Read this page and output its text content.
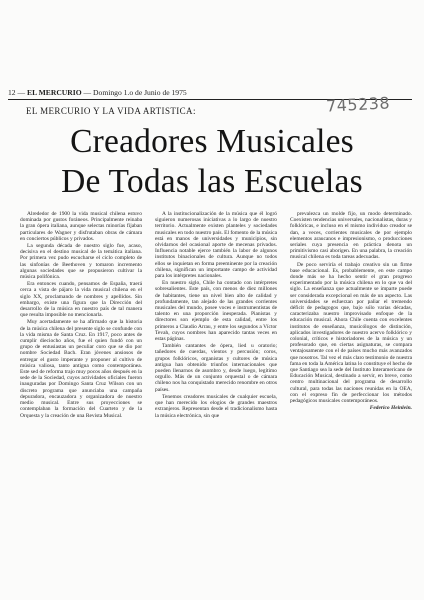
12 — EL MERCURIO — Domingo 1.o de Junio de 1975
745238
EL MERCURIO Y LA VIDA ARTISTICA:
Creadores Musicales
De Todas las Escuelas

Alrededor de 1900 la vida musical chilena estuvo dominada por gustos foráneos. Principalmente reinaba la gran ópera italiana, aunque selectas minorías fijaban particulares de Wagner y disfrutaban obras de cámara en conciertos públicos y privados.

La segunda década de nuestro siglo fue, acaso, decisiva en el destino musical de la temática italiana. Por primera vez pudo escucharse el ciclo completo de las sinfonías de Beethoven y tomaron incremento algunas sociedades que se propusieron cultivar la música polifónica.

Era entonces cuando, pensamos de España, traerá cerca a vista de pájaro la vida musical chilena en el siglo XX, proclamando de nombres y apellidos. Sin embargo, existe una figura que la Dirección del desarrollo de la música en nuestro país de tal manera que resulta imposible no mencionarla.

Muy acertadamente se ha afirmado que la historia de la música chilena del presente siglo se confunde con la vida misma de Santa Cruz. En 1917, poco antes de cumplir dieciocho años, fue el quien fundó con un grupo de entusiastas un peculiar coro que se dio por nombre Sociedad Bach. Eran jóvenes ansiosos de entregar el gusto imperante y proponer al cultivo de música valiosa, tanto antigua como contemporánea. Este sed de reforma trajo muy pocos años después en la sede de la Sociedad, cuyos actividades oficiales fueron inauguradas por Domingo Santa Cruz Wilson con un discreto programa que anunciaba una campaña depuradora, encauzadora y organizadora de nuestro medio musical. Entre sus proyecciones se contemplaban la formación del Cuarteto y de la Orquesta y la creación de una Revista Musical.

A la institucionalización de la música que él logró siguieron numerosas iniciativas a lo largo de nuestro territorio. Actualmente existen planteles y sociedades musicales en todo nuestro país. El fomento de la música está en manos de universidades y municipios, sin olvidarnos del ocasional aporte de mecenas privados. Influencia notable ejerce también la labor de algunos institutos binacionales de cultura. Aunque no todos ellos se inquietan en forma preeminente por la creación chilena, significan un importante campo de actividad para los intérpretes nacionales.

En nuestro siglo, Chile ha contado con intérpretes sobresalientes. Este país, con menos de diez millones de habitantes, tiene un nivel bien alto de calidad y profundamente, tan alejado de las grandes corrientes musicales del mundo, posee voces e instrumentistas de talento en una proporción inesperada. Pianistas y directores son ejemplo de esta calidad, entre los primeros a Claudio Arrau, y entre los segundos a Víctor Tevah, cuyos nombres han aparecido tantas veces en estas páginas.

También cantantes de ópera, lied u oratorio; tañedores de cuerdas, vientos y percusión; coros, grupos folklóricos, organistas y cultores de música antigua han obtenido triunfos internacionales que pueden llenarnos de asombro y, desde luego, legítimo orgullo. Más de un conjunto orquestal o de cámara chileno nos ha conquistado merecido renombre en otros países.

Tenemos creadores musicales de cualquier escuela, que han merecido los elogios de grandes maestros extranjeros. Representan desde el tradicionalismo hasta la música electrónica, sin que

prevalezca un molde fijo, un modo determinado. Coexisten tendencias universales, nacionalistas, duras y folklóricas, e incluso en el mismo individuo creador se dan, a veces, corrientes musicales de por ejemplo elementos araucanos e impresionismo, o producciones seriales cuya presencia en práctica denota un primitivismo casi aborigen. En una palabra, la creación musical chilena es toda tareas adecuadas.

De poco serviría el trabajo creativo sin un firme base educacional. Es, probablemente, en este campo donde más se ha hecho sentir el gran progreso experimentado por la música chilena en lo que va del siglo. La enseñanza que actualmente se imparte puede ser considerada excepcional en más de un aspecto. Las universidades se esfuerzan por paliar el tremendo déficit de pedagogos que, bajo sólo varias décadas, caracterizaba nuestro improvisado enfoque de la educación musical. Ahora Chile cuenta con excelentes institutos de enseñanza, musicólogos de distinción, aplicados investigadores de nuestro acervo folklórico y colonial, críticos e historiadores de la música y un profesorado que, en ciertas asignaturas, se compara ventajosamente con el de países mucho más avanzados que nosotros. Tal vez el más claro testimonio de nuestra fama en toda la América latina lo constituye el hecho de que Santiago sea la sede del Instituto Interamericano de Educación Musical, destinado a servir, en breve, como centro multinacional del programa de desarrollo cultural, para todas las naciones reunidas en la OEA, con el expreso fin de perfeccionar los métodos pedagógicos musicales contemporáneos.

Federico Heinlein.
